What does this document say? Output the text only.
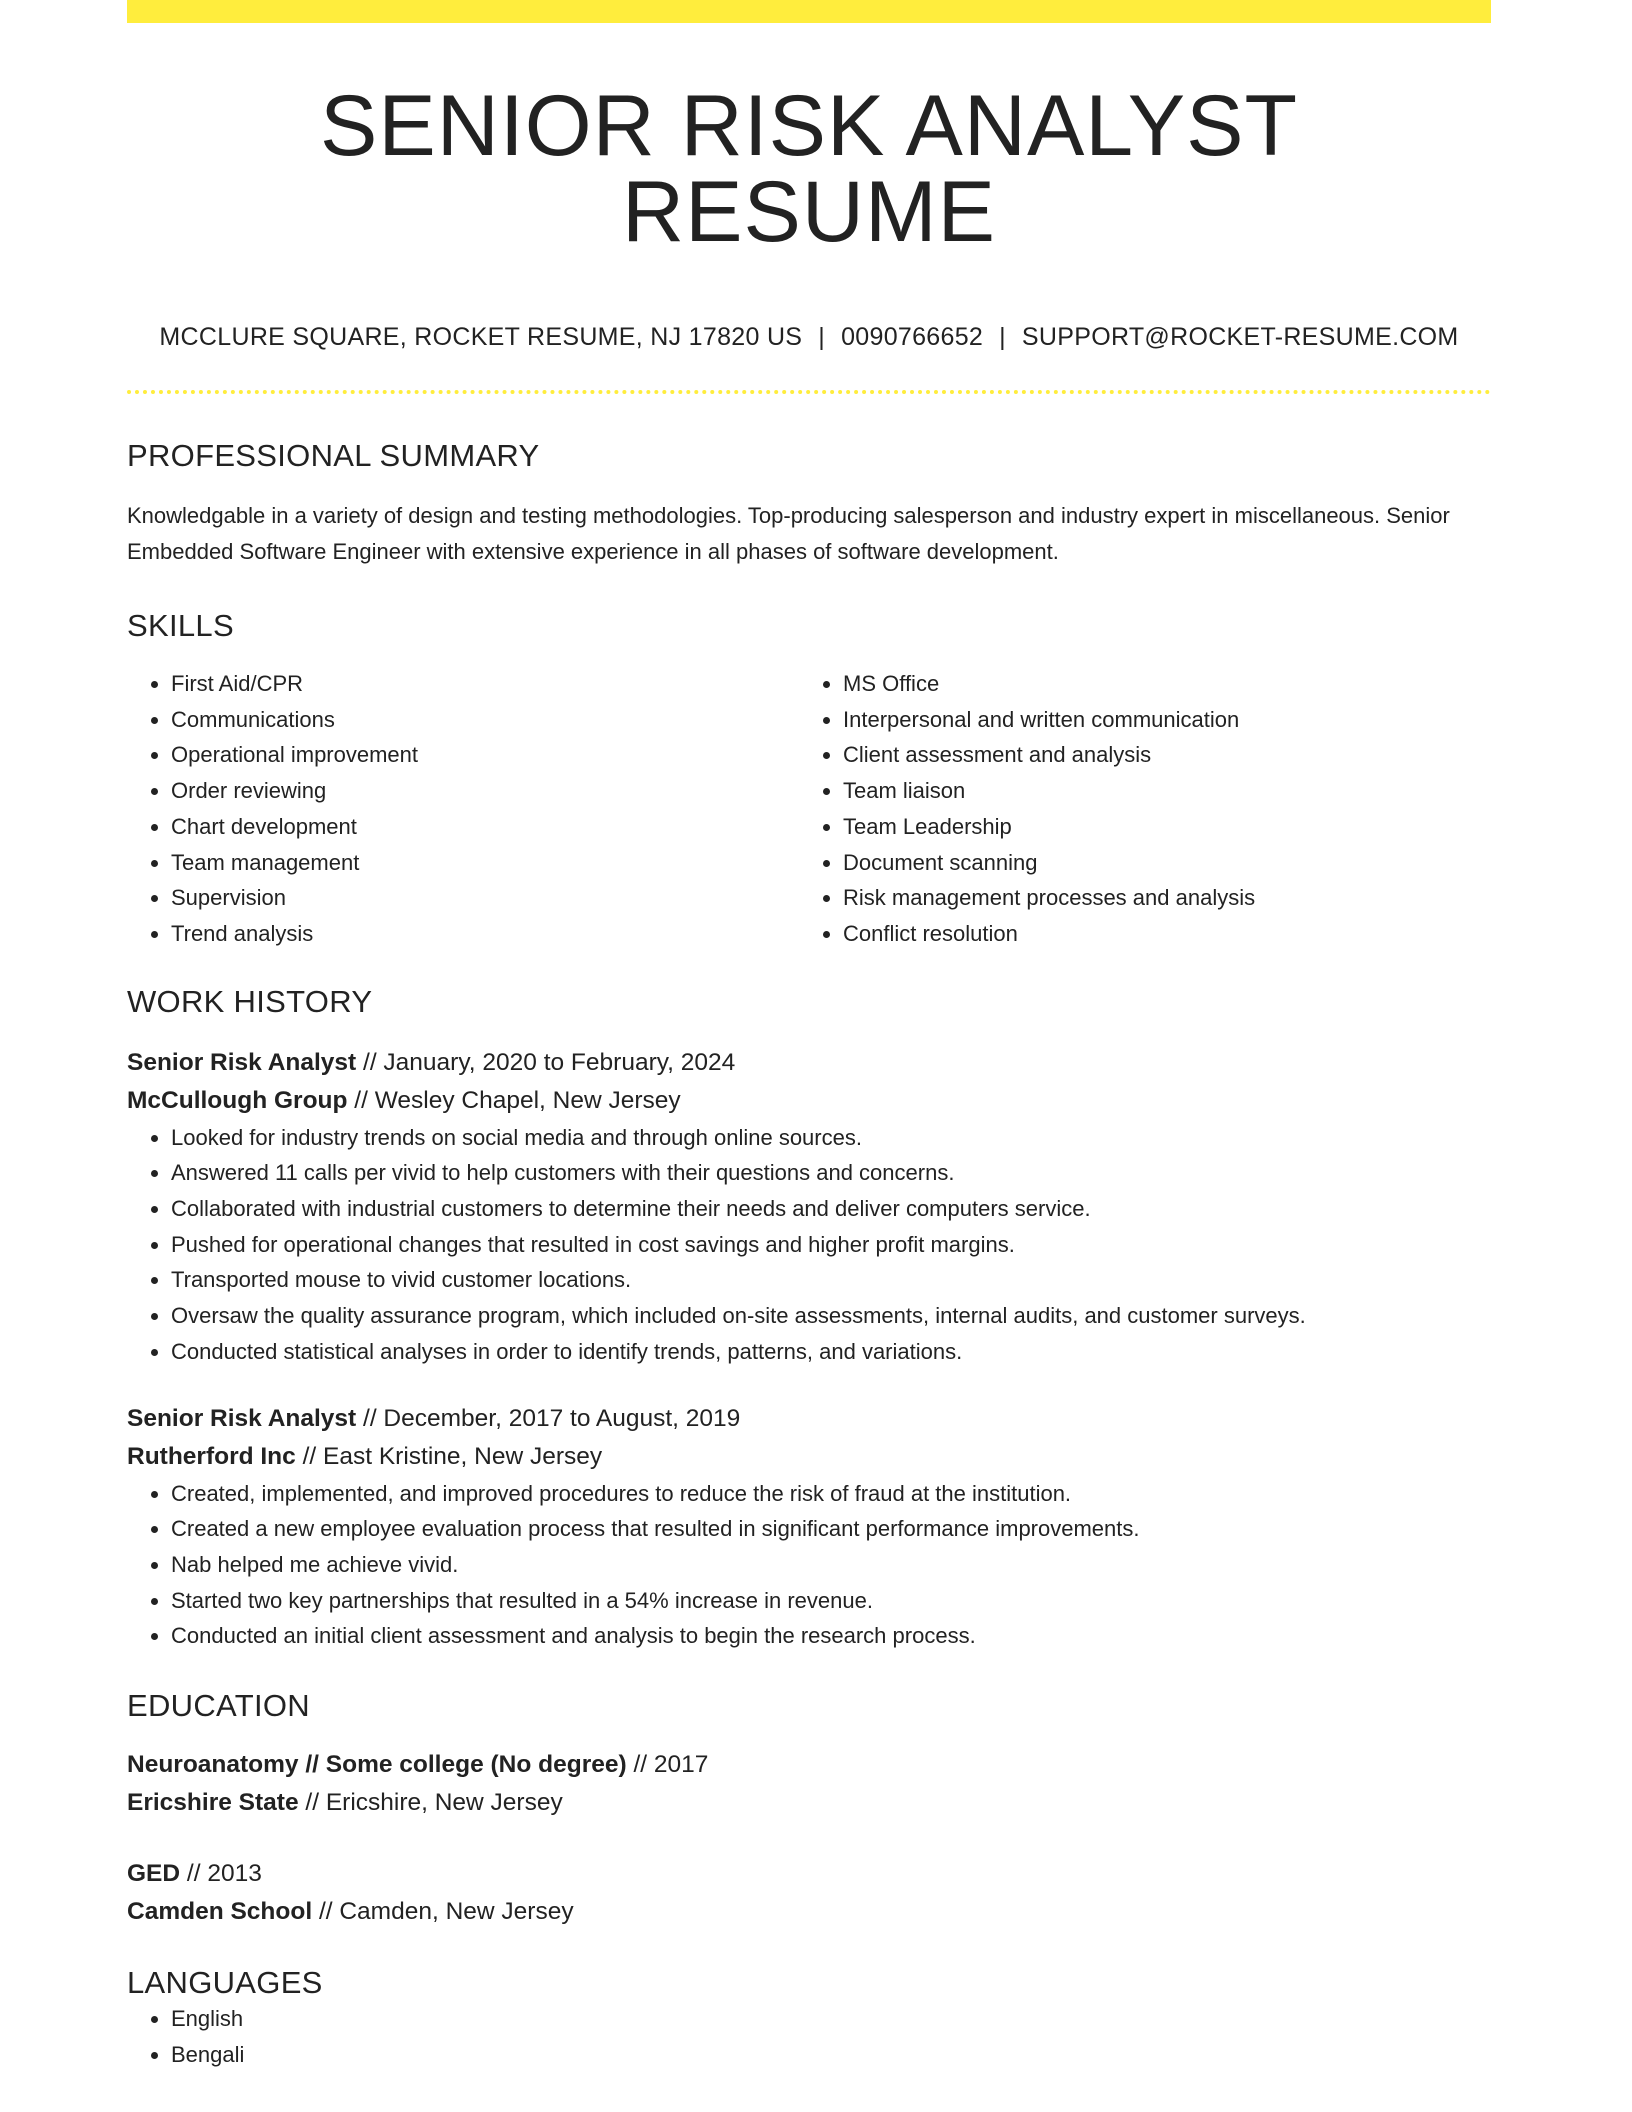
SENIOR RISK ANALYST RESUME
MCCLURE SQUARE, ROCKET RESUME, NJ 17820 US | 0090766652 | SUPPORT@ROCKET-RESUME.COM
PROFESSIONAL SUMMARY
Knowledgable in a variety of design and testing methodologies. Top-producing salesperson and industry expert in miscellaneous. Senior Embedded Software Engineer with extensive experience in all phases of software development.
SKILLS
• First Aid/CPR
• Communications
• Operational improvement
• Order reviewing
• Chart development
• Team management
• Supervision
• Trend analysis
• MS Office
• Interpersonal and written communication
• Client assessment and analysis
• Team liaison
• Team Leadership
• Document scanning
• Risk management processes and analysis
• Conflict resolution
WORK HISTORY
Senior Risk Analyst // January, 2020 to February, 2024
McCullough Group // Wesley Chapel, New Jersey
• Looked for industry trends on social media and through online sources.
• Answered 11 calls per vivid to help customers with their questions and concerns.
• Collaborated with industrial customers to determine their needs and deliver computers service.
• Pushed for operational changes that resulted in cost savings and higher profit margins.
• Transported mouse to vivid customer locations.
• Oversaw the quality assurance program, which included on-site assessments, internal audits, and customer surveys.
• Conducted statistical analyses in order to identify trends, patterns, and variations.
Senior Risk Analyst // December, 2017 to August, 2019
Rutherford Inc // East Kristine, New Jersey
• Created, implemented, and improved procedures to reduce the risk of fraud at the institution.
• Created a new employee evaluation process that resulted in significant performance improvements.
• Nab helped me achieve vivid.
• Started two key partnerships that resulted in a 54% increase in revenue.
• Conducted an initial client assessment and analysis to begin the research process.
EDUCATION
Neuroanatomy // Some college (No degree) // 2017
Ericshire State // Ericshire, New Jersey
GED // 2013
Camden School // Camden, New Jersey
LANGUAGES
• English
• Bengali
